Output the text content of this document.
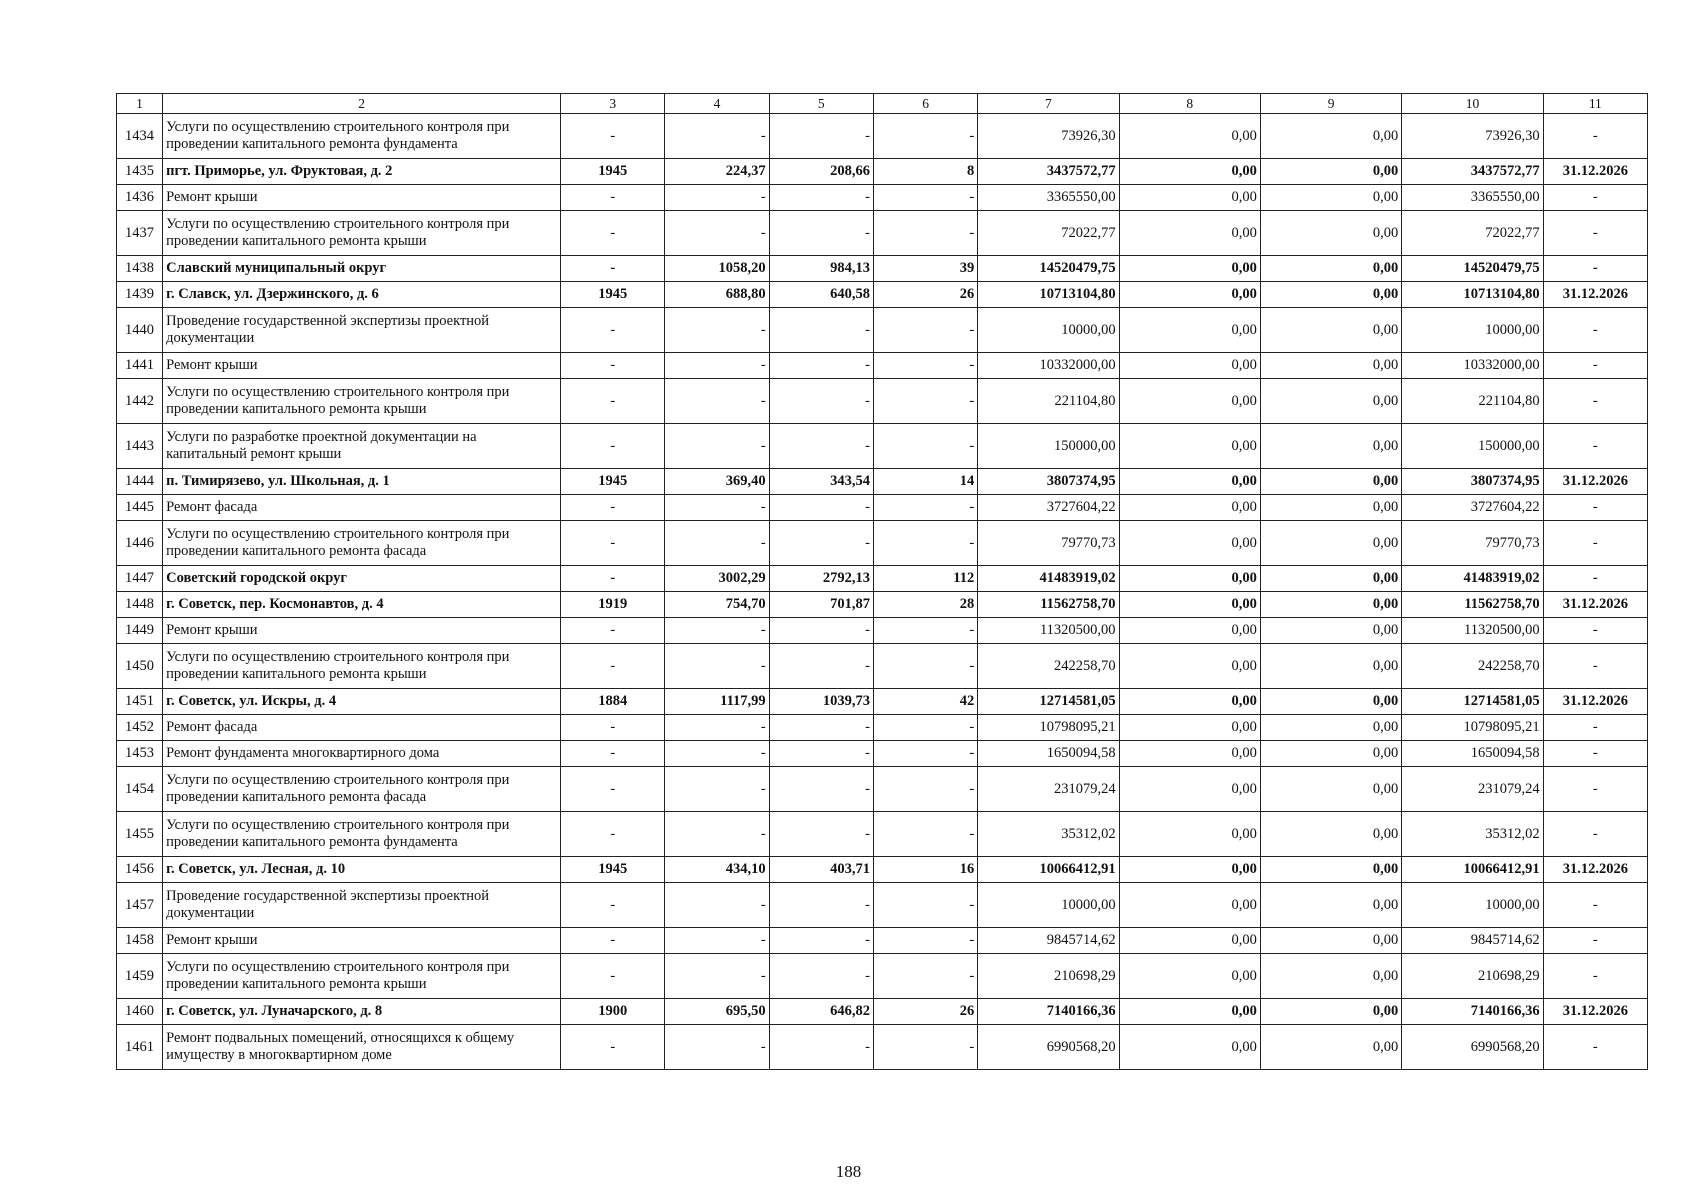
1	2	3	4	5	6	7	8	9	10	11
1434	Услуги по осуществлению строительного контроля при проведении капитального ремонта фундамента	-	-	-	-	73926,30	0,00	0,00	73926,30	-
1435	пгт. Приморье, ул. Фруктовая, д. 2	1945	224,37	208,66	8	3437572,77	0,00	0,00	3437572,77	31.12.2026
1436	Ремонт крыши	-	-	-	-	3365550,00	0,00	0,00	3365550,00	-
1437	Услуги по осуществлению строительного контроля при проведении капитального ремонта крыши	-	-	-	-	72022,77	0,00	0,00	72022,77	-
1438	Славский муниципальный округ	-	1058,20	984,13	39	14520479,75	0,00	0,00	14520479,75	-
1439	г. Славск, ул. Дзержинского, д. 6	1945	688,80	640,58	26	10713104,80	0,00	0,00	10713104,80	31.12.2026
1440	Проведение государственной экспертизы проектной документации	-	-	-	-	10000,00	0,00	0,00	10000,00	-
1441	Ремонт крыши	-	-	-	-	10332000,00	0,00	0,00	10332000,00	-
1442	Услуги по осуществлению строительного контроля при проведении капитального ремонта крыши	-	-	-	-	221104,80	0,00	0,00	221104,80	-
1443	Услуги по разработке проектной документации на капитальный ремонт крыши	-	-	-	-	150000,00	0,00	0,00	150000,00	-
1444	п. Тимирязево, ул. Школьная, д. 1	1945	369,40	343,54	14	3807374,95	0,00	0,00	3807374,95	31.12.2026
1445	Ремонт фасада	-	-	-	-	3727604,22	0,00	0,00	3727604,22	-
1446	Услуги по осуществлению строительного контроля при проведении капитального ремонта фасада	-	-	-	-	79770,73	0,00	0,00	79770,73	-
1447	Советский городской округ	-	3002,29	2792,13	112	41483919,02	0,00	0,00	41483919,02	-
1448	г. Советск, пер. Космонавтов, д. 4	1919	754,70	701,87	28	11562758,70	0,00	0,00	11562758,70	31.12.2026
1449	Ремонт крыши	-	-	-	-	11320500,00	0,00	0,00	11320500,00	-
1450	Услуги по осуществлению строительного контроля при проведении капитального ремонта крыши	-	-	-	-	242258,70	0,00	0,00	242258,70	-
1451	г. Советск, ул. Искры, д. 4	1884	1117,99	1039,73	42	12714581,05	0,00	0,00	12714581,05	31.12.2026
1452	Ремонт фасада	-	-	-	-	10798095,21	0,00	0,00	10798095,21	-
1453	Ремонт фундамента многоквартирного дома	-	-	-	-	1650094,58	0,00	0,00	1650094,58	-
1454	Услуги по осуществлению строительного контроля при проведении капитального ремонта фасада	-	-	-	-	231079,24	0,00	0,00	231079,24	-
1455	Услуги по осуществлению строительного контроля при проведении капитального ремонта фундамента	-	-	-	-	35312,02	0,00	0,00	35312,02	-
1456	г. Советск, ул. Лесная, д. 10	1945	434,10	403,71	16	10066412,91	0,00	0,00	10066412,91	31.12.2026
1457	Проведение государственной экспертизы проектной документации	-	-	-	-	10000,00	0,00	0,00	10000,00	-
1458	Ремонт крыши	-	-	-	-	9845714,62	0,00	0,00	9845714,62	-
1459	Услуги по осуществлению строительного контроля при проведении капитального ремонта крыши	-	-	-	-	210698,29	0,00	0,00	210698,29	-
1460	г. Советск, ул. Луначарского, д. 8	1900	695,50	646,82	26	7140166,36	0,00	0,00	7140166,36	31.12.2026
1461	Ремонт подвальных помещений, относящихся к общему имуществу в многоквартирном доме	-	-	-	-	6990568,20	0,00	0,00	6990568,20	-
188
